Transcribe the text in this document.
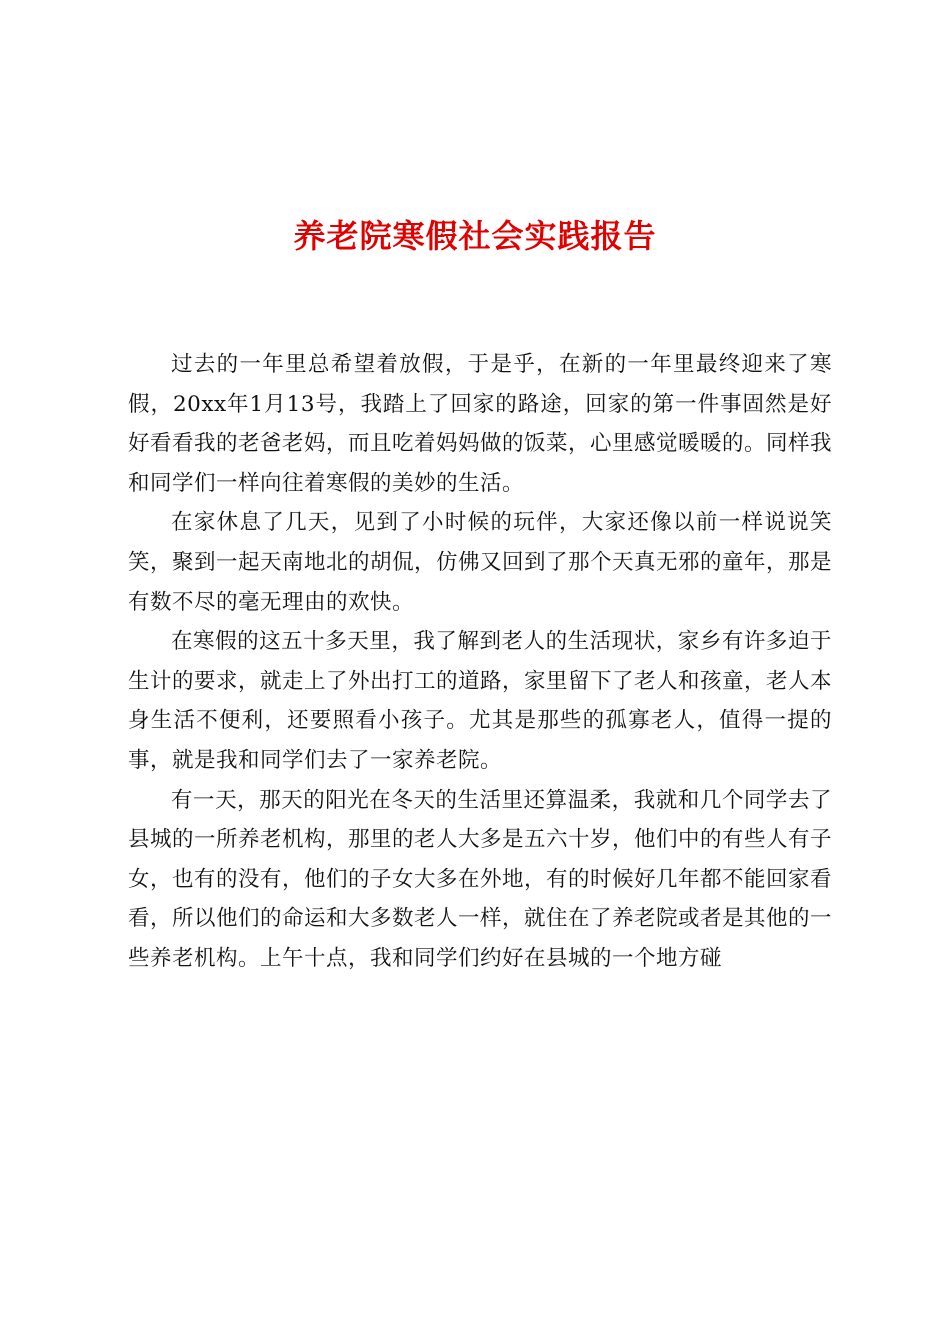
养老院寒假社会实践报告

过去的一年里总希望着放假，于是乎，在新的一年里最终迎来了寒假，20xx年1月13号，我踏上了回家的路途，回家的第一件事固然是好好看看我的老爸老妈，而且吃着妈妈做的饭菜，心里感觉暖暖的。同样我和同学们一样向往着寒假的美妙的生活。

在家休息了几天，见到了小时候的玩伴，大家还像以前一样说说笑笑，聚到一起天南地北的胡侃，仿佛又回到了那个天真无邪的童年，那是有数不尽的毫无理由的欢快。

在寒假的这五十多天里，我了解到老人的生活现状，家乡有许多迫于生计的要求，就走上了外出打工的道路，家里留下了老人和孩童，老人本身生活不便利，还要照看小孩子。尤其是那些的孤寡老人，值得一提的事，就是我和同学们去了一家养老院。

有一天，那天的阳光在冬天的生活里还算温柔，我就和几个同学去了县城的一所养老机构，那里的老人大多是五六十岁，他们中的有些人有子女，也有的没有，他们的子女大多在外地，有的时候好几年都不能回家看看，所以他们的命运和大多数老人一样，就住在了养老院或者是其他的一些养老机构。上午十点，我和同学们约好在县城的一个地方碰
